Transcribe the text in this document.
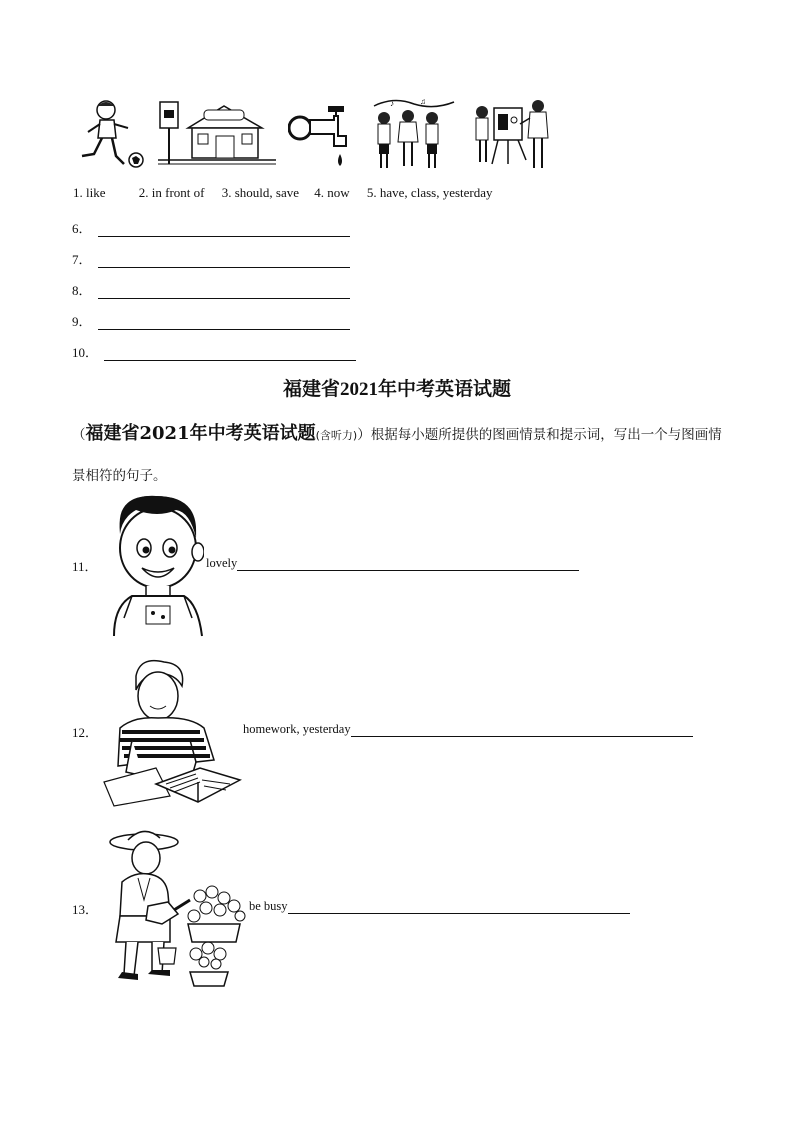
♪	♫
1. like	2. in front of 3. should, save 4. now 5. have, class, yesterday
6．
7．
8．
9．
10．
福建省2021年中考英语试题
（福建省2021年中考英语试题(含听力)）根据每小题所提供的图画情景和提示词，写出一个与图画情景相符的句子。
11．	lovely
12．	homework, yesterday
13．	be busy
